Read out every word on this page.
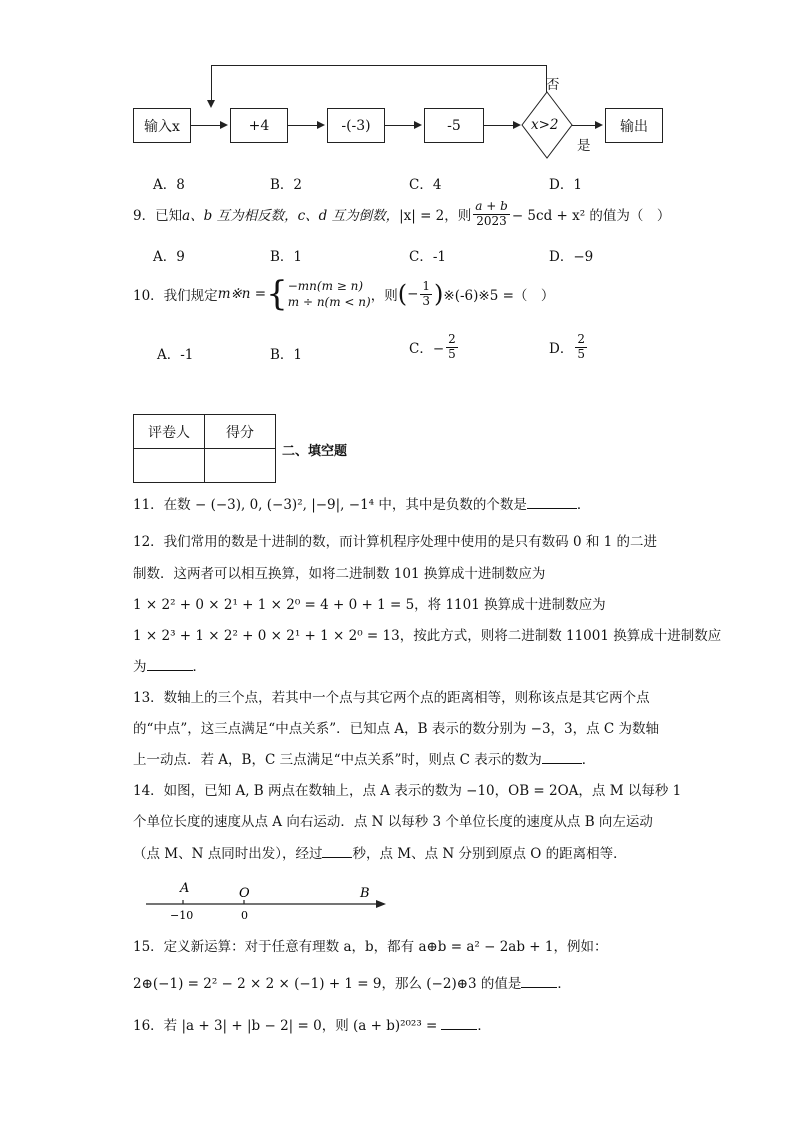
否
输入x	+4	-(-3)	-5	x>2
是
输出
A．8	B．2	C．4	D．1
9．已知 a、b 互为相反数，c、d 互为倒数， |x| = 2，则 $\frac{a + b}{2023} - 5cd + x^2$ 的值为（　）
A．9	B．1	C．-1	D．−9
10．我们规定 m※n = { −mn(m ≥ n)
m ÷ n(m < n) ，则 ( − $\frac{1}{3}$ ) ※(-6)※5 =（　）
A．-1	B．1	C．− $\frac{2}{5}$	D． $\frac{2}{5}$
评卷人	得分

二、填空题
11．在数 − (−3), 0, (−3)², |−9|, −1⁴ 中，其中是负数的个数是	．
12．我们常用的数是十进制的数，而计算机程序处理中使用的是只有数码 0 和 1 的二进
制数．这两者可以相互换算，如将二进制数 101 换算成十进制数应为
1 × 2² + 0 × 2¹ + 1 × 2⁰ = 4 + 0 + 1 = 5，将 1101 换算成十进制数应为
1 × 2³ + 1 × 2² + 0 × 2¹ + 1 × 2⁰ = 13，按此方式，则将二进制数 11001 换算成十进制数应
为	．
13．数轴上的三个点，若其中一个点与其它两个点的距离相等，则称该点是其它两个点
的“中点”，这三点满足“中点关系”．已知点 A，B 表示的数分别为 −3，3，点 C 为数轴
上一动点．若 A，B，C 三点满足“中点关系”时，则点 C 表示的数为	．
14．如图，已知 A, B 两点在数轴上，点 A 表示的数为 −10，OB = 2OA，点 M 以每秒 1
个单位长度的速度从点 A 向右运动．点 N 以每秒 3 个单位长度的速度从点 B 向左运动
（点 M、N 点同时出发），经过 秒，点 M、点 N 分别到原点 O 的距离相等．
A	O	B
−10	0
15．定义新运算：对于任意有理数 a，b，都有 a⊕b = a² − 2ab + 1，例如：
2⊕(−1) = 2² − 2 × 2 × (−1) + 1 = 9，那么 (−2)⊕3 的值是	．
16．若 |a + 3| + |b − 2| = 0，则 (a + b)²⁰²³ =	．
